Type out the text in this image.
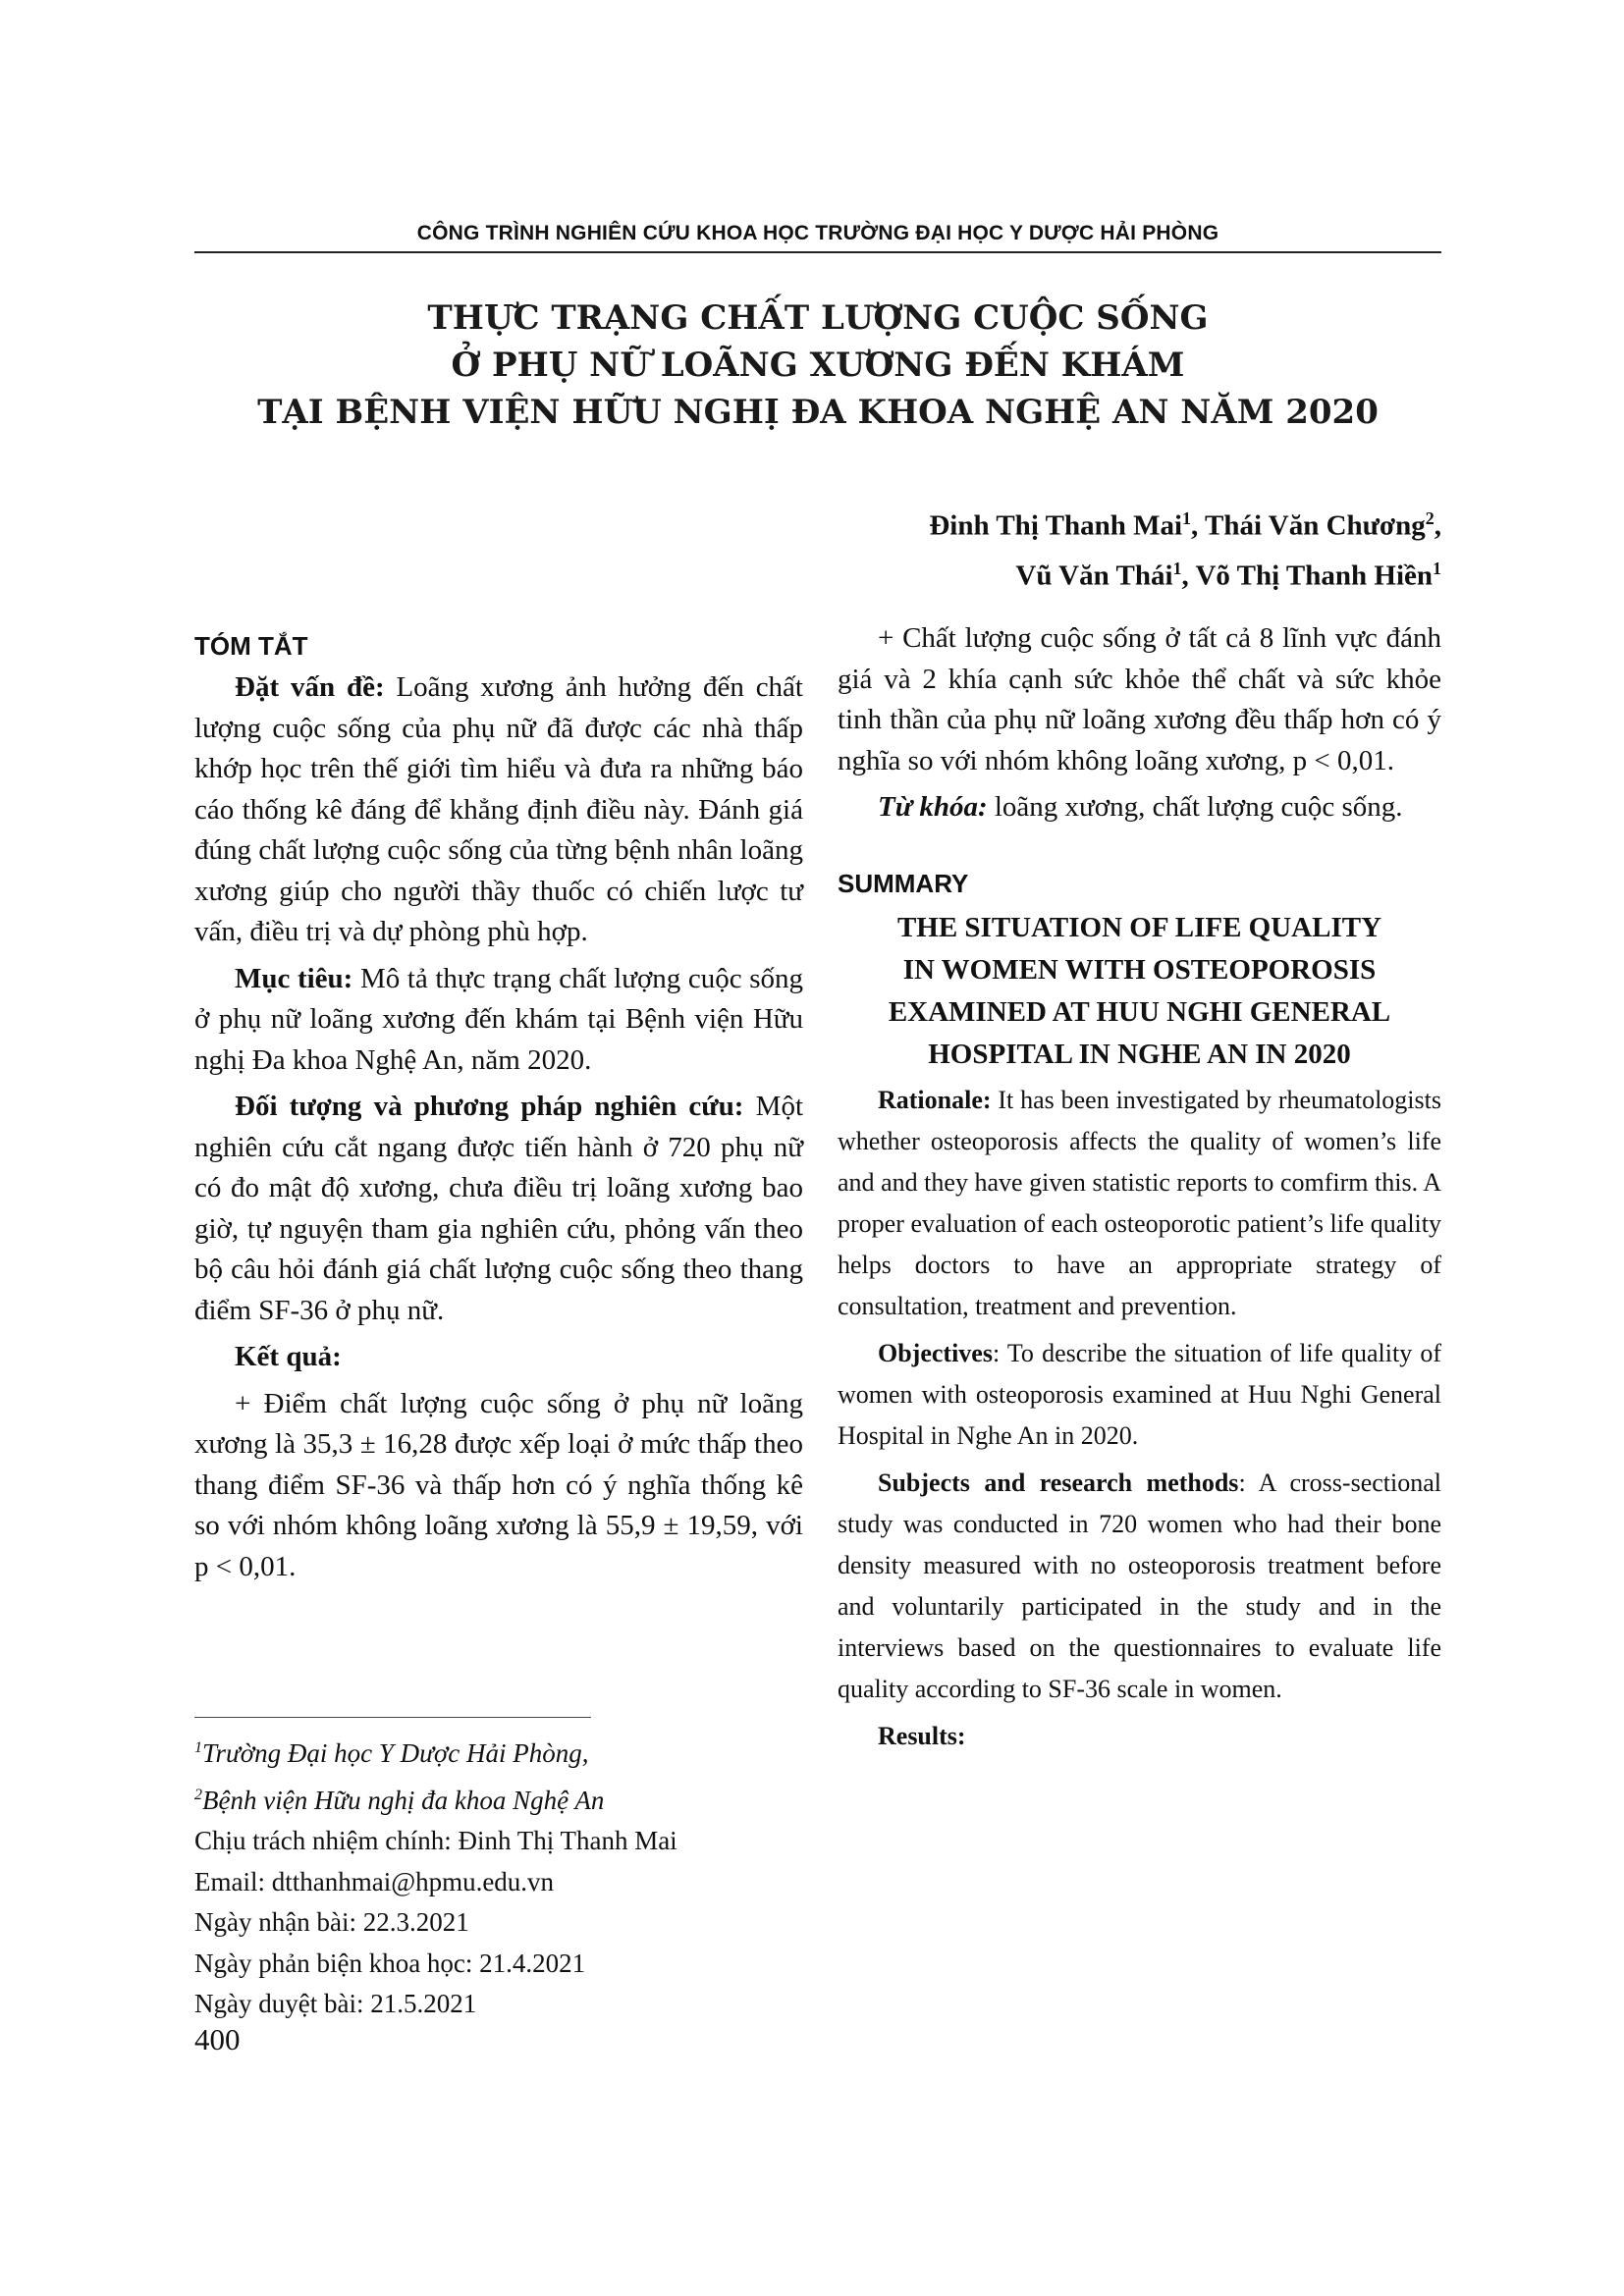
CÔNG TRÌNH NGHIÊN CỨU KHOA HỌC TRƯỜNG ĐẠI HỌC Y DƯỢC HẢI PHÒNG
THỰC TRẠNG CHẤT LƯỢNG CUỘC SỐNG
Ở PHỤ NỮ LOÃNG XƯƠNG ĐẾN KHÁM
TẠI BỆNH VIỆN HỮU NGHỊ ĐA KHOA NGHỆ AN NĂM 2020
Đinh Thị Thanh Mai$^1$, Thái Văn Chương$^2$,
Vũ Văn Thái$^1$, Võ Thị Thanh Hiền$^1$
TÓM TẮT

Đặt vấn đề: Loãng xương ảnh hưởng đến chất lượng cuộc sống của phụ nữ đã được các nhà thấp khớp học trên thế giới tìm hiểu và đưa ra những báo cáo thống kê đáng để khẳng định điều này. Đánh giá đúng chất lượng cuộc sống của từng bệnh nhân loãng xương giúp cho người thầy thuốc có chiến lược tư vấn, điều trị và dự phòng phù hợp.

Mục tiêu: Mô tả thực trạng chất lượng cuộc sống ở phụ nữ loãng xương đến khám tại Bệnh viện Hữu nghị Đa khoa Nghệ An, năm 2020.

Đối tượng và phương pháp nghiên cứu: Một nghiên cứu cắt ngang được tiến hành ở 720 phụ nữ có đo mật độ xương, chưa điều trị loãng xương bao giờ, tự nguyện tham gia nghiên cứu, phỏng vấn theo bộ câu hỏi đánh giá chất lượng cuộc sống theo thang điểm SF-36 ở phụ nữ.

Kết quả:

+ Điểm chất lượng cuộc sống ở phụ nữ loãng xương là 35,3 ± 16,28 được xếp loại ở mức thấp theo thang điểm SF-36 và thấp hơn có ý nghĩa thống kê so với nhóm không loãng xương là 55,9 ± 19,59, với p < 0,01.

$^1$Trường Đại học Y Dược Hải Phòng,
$^2$Bệnh viện Hữu nghị đa khoa Nghệ An
Chịu trách nhiệm chính: Đinh Thị Thanh Mai
Email: dtthanhmai@hpmu.edu.vn
Ngày nhận bài: 22.3.2021
Ngày phản biện khoa học: 21.4.2021
Ngày duyệt bài: 21.5.2021

+ Chất lượng cuộc sống ở tất cả 8 lĩnh vực đánh giá và 2 khía cạnh sức khỏe thể chất và sức khỏe tinh thần của phụ nữ loãng xương đều thấp hơn có ý nghĩa so với nhóm không loãng xương, p < 0,01.

Từ khóa: loãng xương, chất lượng cuộc sống.

SUMMARY
THE SITUATION OF LIFE QUALITY
IN WOMEN WITH OSTEOPOROSIS
EXAMINED AT HUU NGHI GENERAL
HOSPITAL IN NGHE AN IN 2020

Rationale: It has been investigated by rheumatologists whether osteoporosis affects the quality of women’s life and and they have given statistic reports to comfirm this. A proper evaluation of each osteoporotic patient’s life quality helps doctors to have an appropriate strategy of consultation, treatment and prevention.

Objectives: To describe the situation of life quality of women with osteoporosis examined at Huu Nghi General Hospital in Nghe An in 2020.

Subjects and research methods: A cross-sectional study was conducted in 720 women who had their bone density measured with no osteoporosis treatment before and voluntarily participated in the study and in the interviews based on the questionnaires to evaluate life quality according to SF-36 scale in women.

Results:

400
